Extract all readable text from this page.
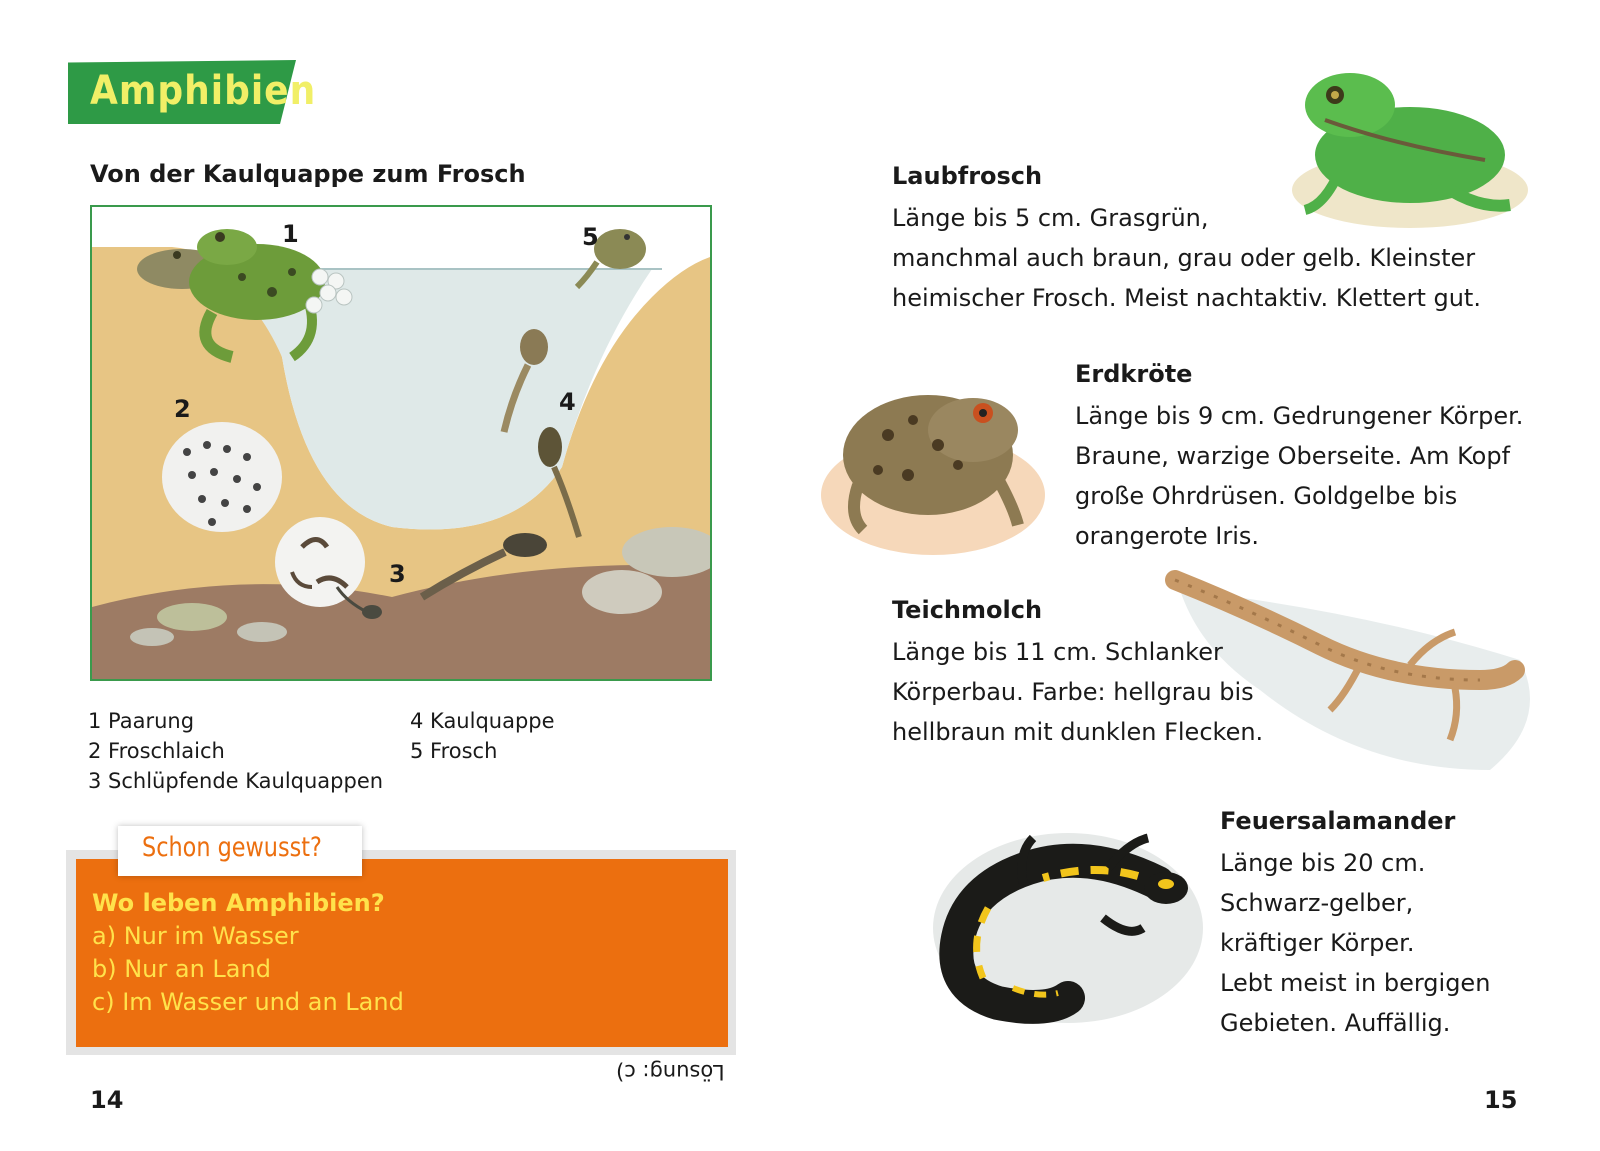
Amphibien
Von der Kaulquappe zum Frosch
1
2
3
4
5
1 Paarung
2 Froschlaich
3 Schlüpfende Kaulquappen
4 Kaulquappe
5 Frosch
Schon gewusst?
Wo leben Amphibien?
a) Nur im Wasser
b) Nur an Land
c) Im Wasser und an Land
Lösung: c)
14
Laubfrosch
Länge bis 5 cm. Grasgrün,
manchmal auch braun, grau oder gelb. Kleinster
heimischer Frosch. Meist nachtaktiv. Klettert gut.
Erdkröte
Länge bis 9 cm. Gedrungener Körper.
Braune, warzige Oberseite. Am Kopf
große Ohrdrüsen. Goldgelbe bis
orangerote Iris.
Teichmolch
Länge bis 11 cm. Schlanker
Körperbau. Farbe: hellgrau bis
hellbraun mit dunklen Flecken.
Feuersalamander
Länge bis 20 cm.
Schwarz-gelber,
kräftiger Körper.
Lebt meist in bergigen
Gebieten. Auffällig.
15
